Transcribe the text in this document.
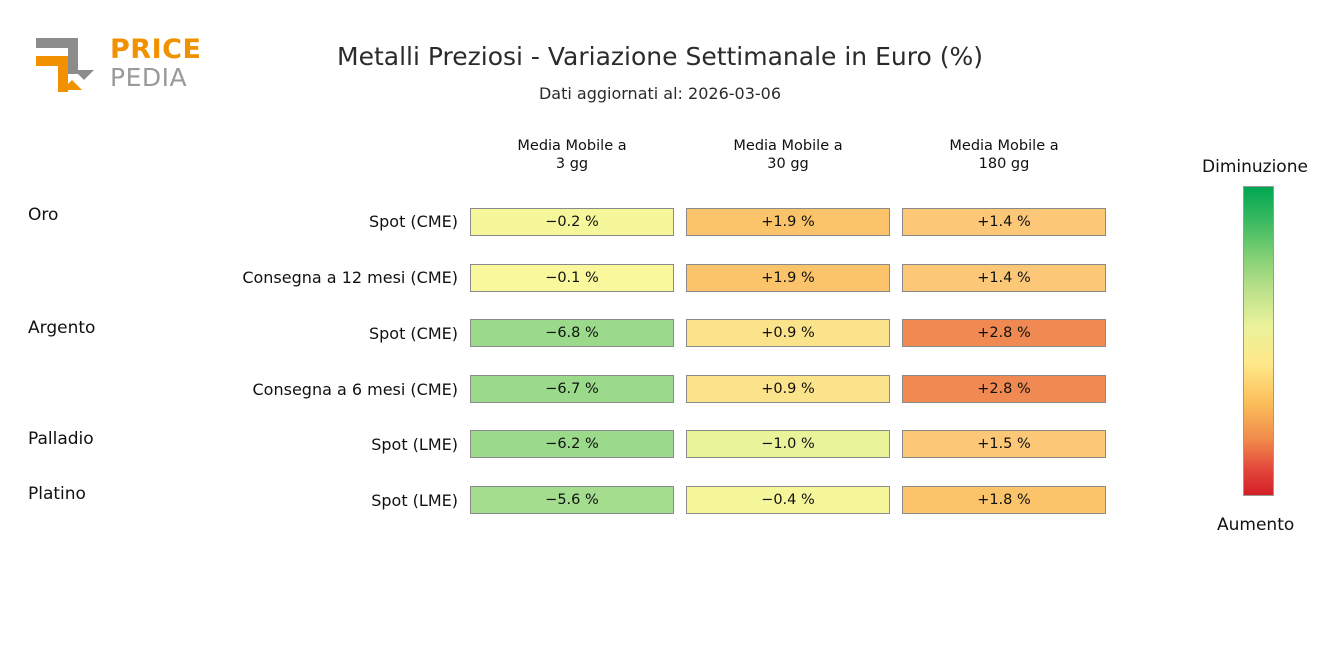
PRICE
PEDIA
Metalli Preziosi - Variazione Settimanale in Euro (%)
Dati aggiornati al: 2026-03-06
Media Mobile a
3 gg
Media Mobile a
30 gg
Media Mobile a
180 gg
Oro
Argento
Palladio
Platino
Spot (CME)	−0.2 %	+1.9 %	+1.4 %
Consegna a 12 mesi (CME)	−0.1 %	+1.9 %	+1.4 %
Spot (CME)	−6.8 %	+0.9 %	+2.8 %
Consegna a 6 mesi (CME)	−6.7 %	+0.9 %	+2.8 %
Spot (LME)	−6.2 %	−1.0 %	+1.5 %
Spot (LME)	−5.6 %	−0.4 %	+1.8 %
Diminuzione
Aumento
